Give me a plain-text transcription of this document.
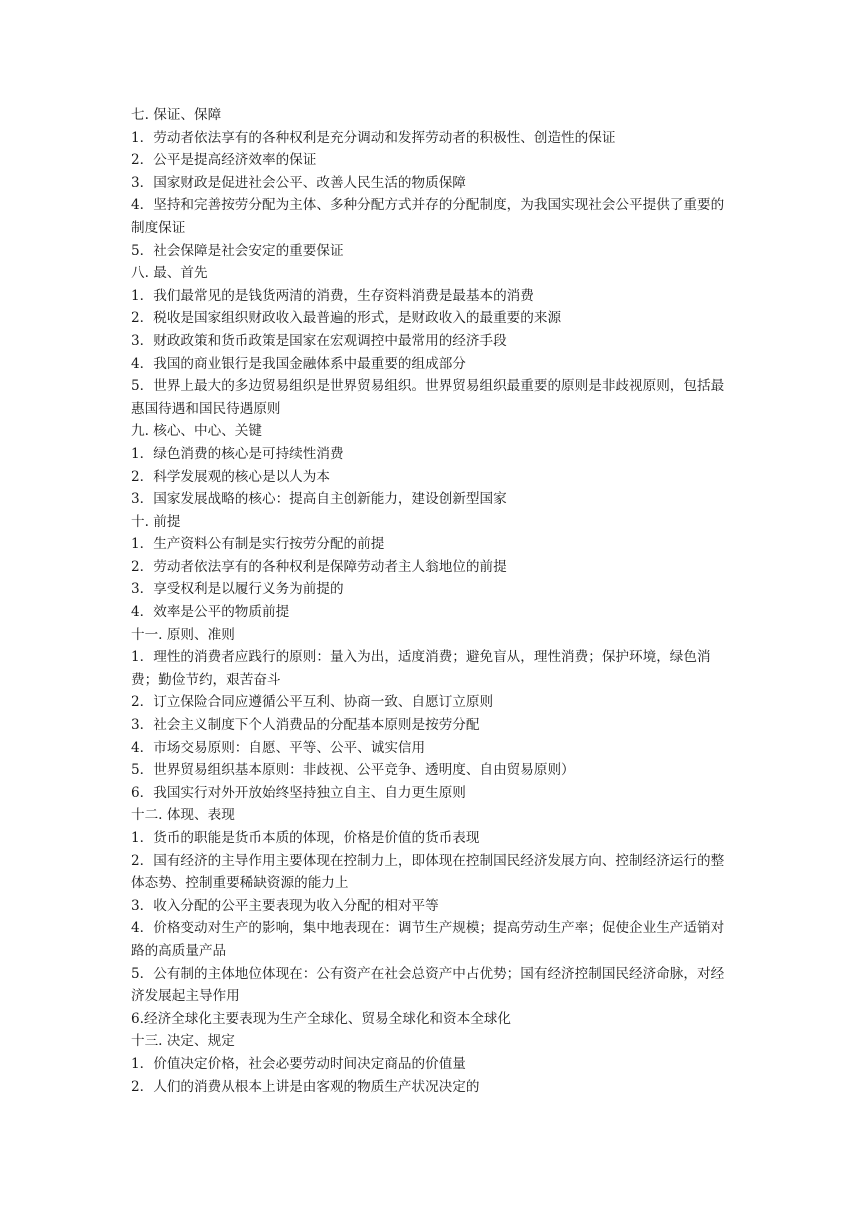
七. 保证、保障

1．劳动者依法享有的各种权利是充分调动和发挥劳动者的积极性、创造性的保证

2．公平是提高经济效率的保证

3．国家财政是促进社会公平、改善人民生活的物质保障

4．坚持和完善按劳分配为主体、多种分配方式并存的分配制度，为我国实现社会公平提供了重要的制度保证

5．社会保障是社会安定的重要保证

八. 最、首先

1．我们最常见的是钱货两清的消费，生存资料消费是最基本的消费

2．税收是国家组织财政收入最普遍的形式，是财政收入的最重要的来源

3．财政政策和货币政策是国家在宏观调控中最常用的经济手段

4．我国的商业银行是我国金融体系中最重要的组成部分

5．世界上最大的多边贸易组织是世界贸易组织。世界贸易组织最重要的原则是非歧视原则，包括最惠国待遇和国民待遇原则

九. 核心、中心、关键

1．绿色消费的核心是可持续性消费

2．科学发展观的核心是以人为本

3．国家发展战略的核心：提高自主创新能力，建设创新型国家

十. 前提

1．生产资料公有制是实行按劳分配的前提

2．劳动者依法享有的各种权利是保障劳动者主人翁地位的前提

3．享受权利是以履行义务为前提的

4．效率是公平的物质前提

十一. 原则、准则

1．理性的消费者应践行的原则：量入为出，适度消费；避免盲从，理性消费；保护环境，绿色消费；勤俭节约，艰苦奋斗

2．订立保险合同应遵循公平互利、协商一致、自愿订立原则

3．社会主义制度下个人消费品的分配基本原则是按劳分配

4．市场交易原则：自愿、平等、公平、诚实信用

5．世界贸易组织基本原则：非歧视、公平竞争、透明度、自由贸易原则）

6．我国实行对外开放始终坚持独立自主、自力更生原则

十二. 体现、表现

1．货币的职能是货币本质的体现，价格是价值的货币表现

2．国有经济的主导作用主要体现在控制力上，即体现在控制国民经济发展方向、控制经济运行的整体态势、控制重要稀缺资源的能力上

3．收入分配的公平主要表现为收入分配的相对平等

4．价格变动对生产的影响，集中地表现在：调节生产规模；提高劳动生产率；促使企业生产适销对路的高质量产品

5．公有制的主体地位体现在：公有资产在社会总资产中占优势；国有经济控制国民经济命脉，对经济发展起主导作用

6.经济全球化主要表现为生产全球化、贸易全球化和资本全球化

十三. 决定、规定

1．价值决定价格，社会必要劳动时间决定商品的价值量

2．人们的消费从根本上讲是由客观的物质生产状况决定的
